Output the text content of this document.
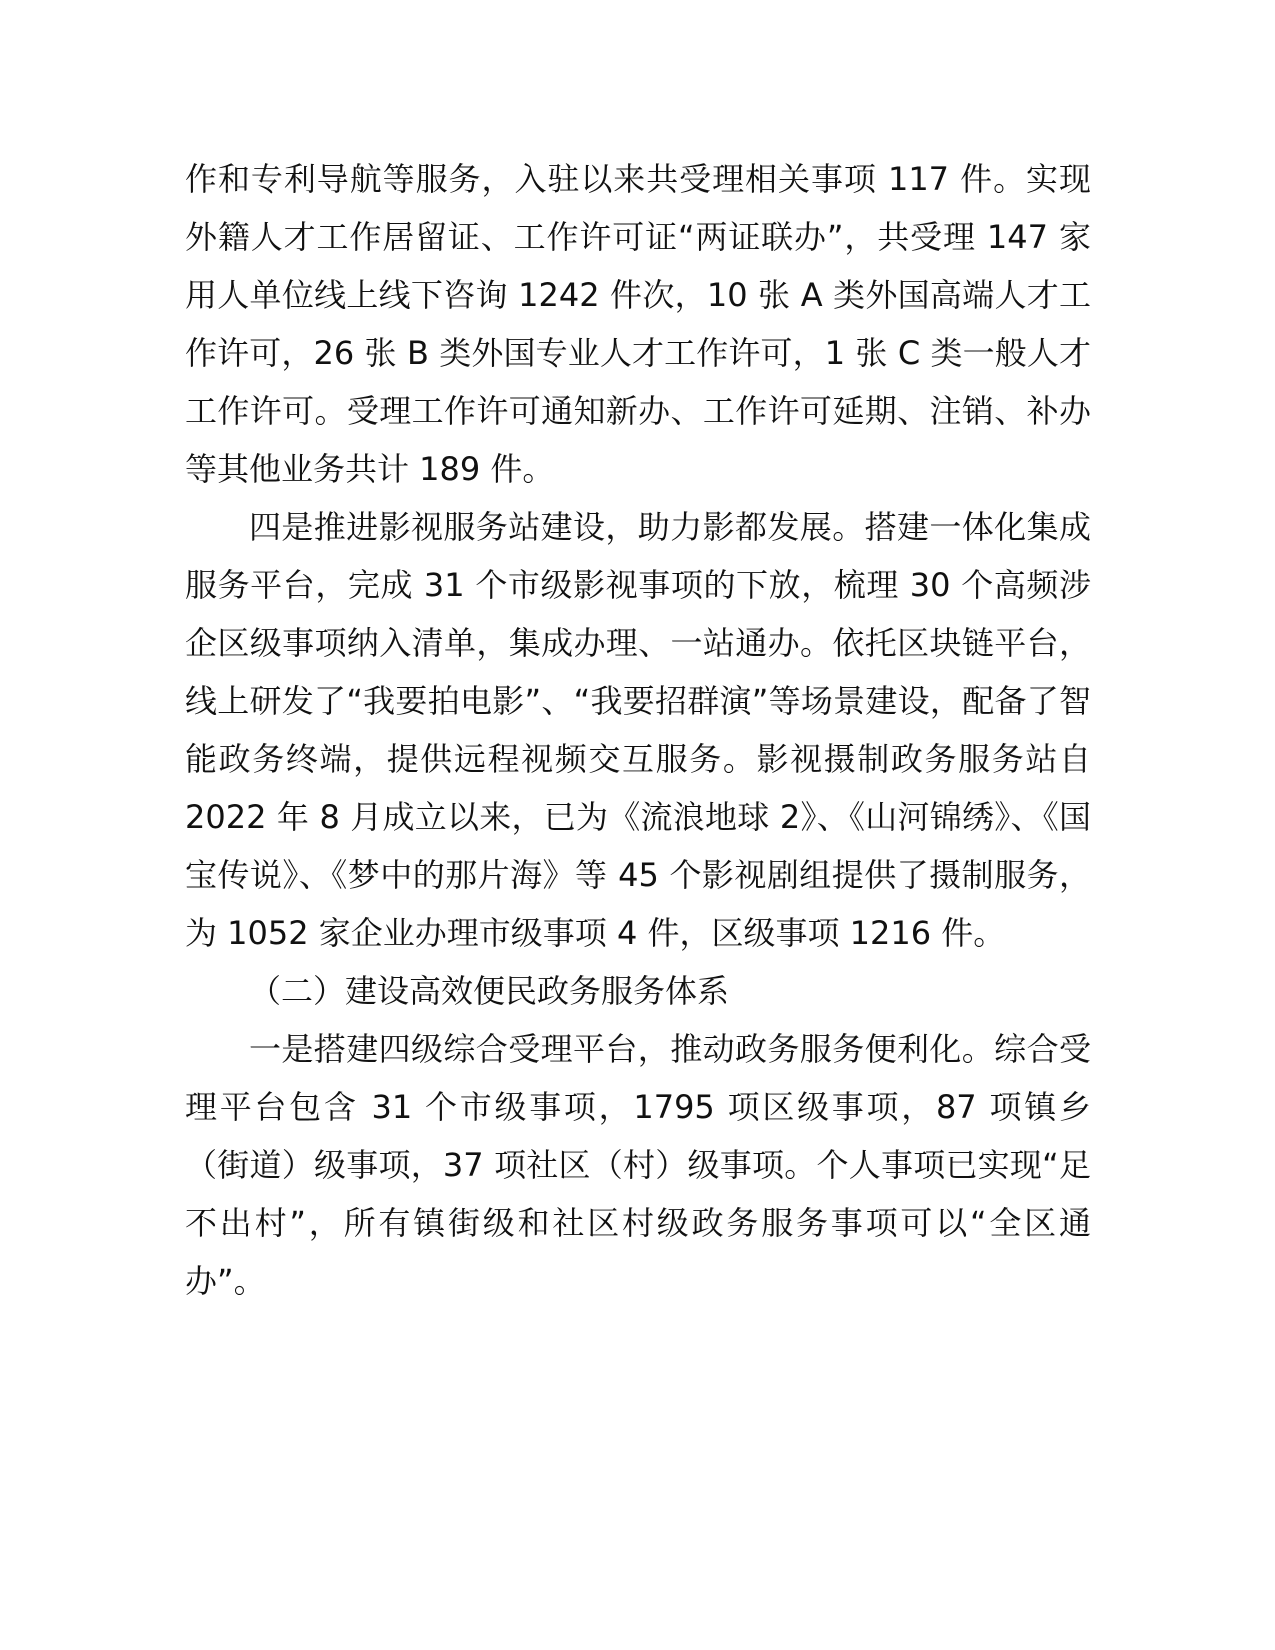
作和专利导航等服务，入驻以来共受理相关事项 117 件。实现外籍人才工作居留证、工作许可证“两证联办”，共受理 147 家用人单位线上线下咨询 1242 件次，10 张 A 类外国高端人才工作许可，26 张 B 类外国专业人才工作许可，1 张 C 类一般人才工作许可。受理工作许可通知新办、工作许可延期、注销、补办等其他业务共计 189 件。

四是推进影视服务站建设，助力影都发展。搭建一体化集成服务平台，完成 31 个市级影视事项的下放，梳理 30 个高频涉企区级事项纳入清单，集成办理、一站通办。依托区块链平台，线上研发了“我要拍电影”、“我要招群演”等场景建设，配备了智能政务终端，提供远程视频交互服务。影视摄制政务服务站自 2022 年 8 月成立以来，已为《流浪地球 2》、《山河锦绣》、《国宝传说》、《梦中的那片海》等 45 个影视剧组提供了摄制服务，为 1052 家企业办理市级事项 4 件，区级事项 1216 件。

（二）建设高效便民政务服务体系

一是搭建四级综合受理平台，推动政务服务便利化。综合受理平台包含 31 个市级事项，1795 项区级事项，87 项镇乡（街道）级事项，37 项社区（村）级事项。个人事项已实现“足不出村”，所有镇街级和社区村级政务服务事项可以“全区通办”。
